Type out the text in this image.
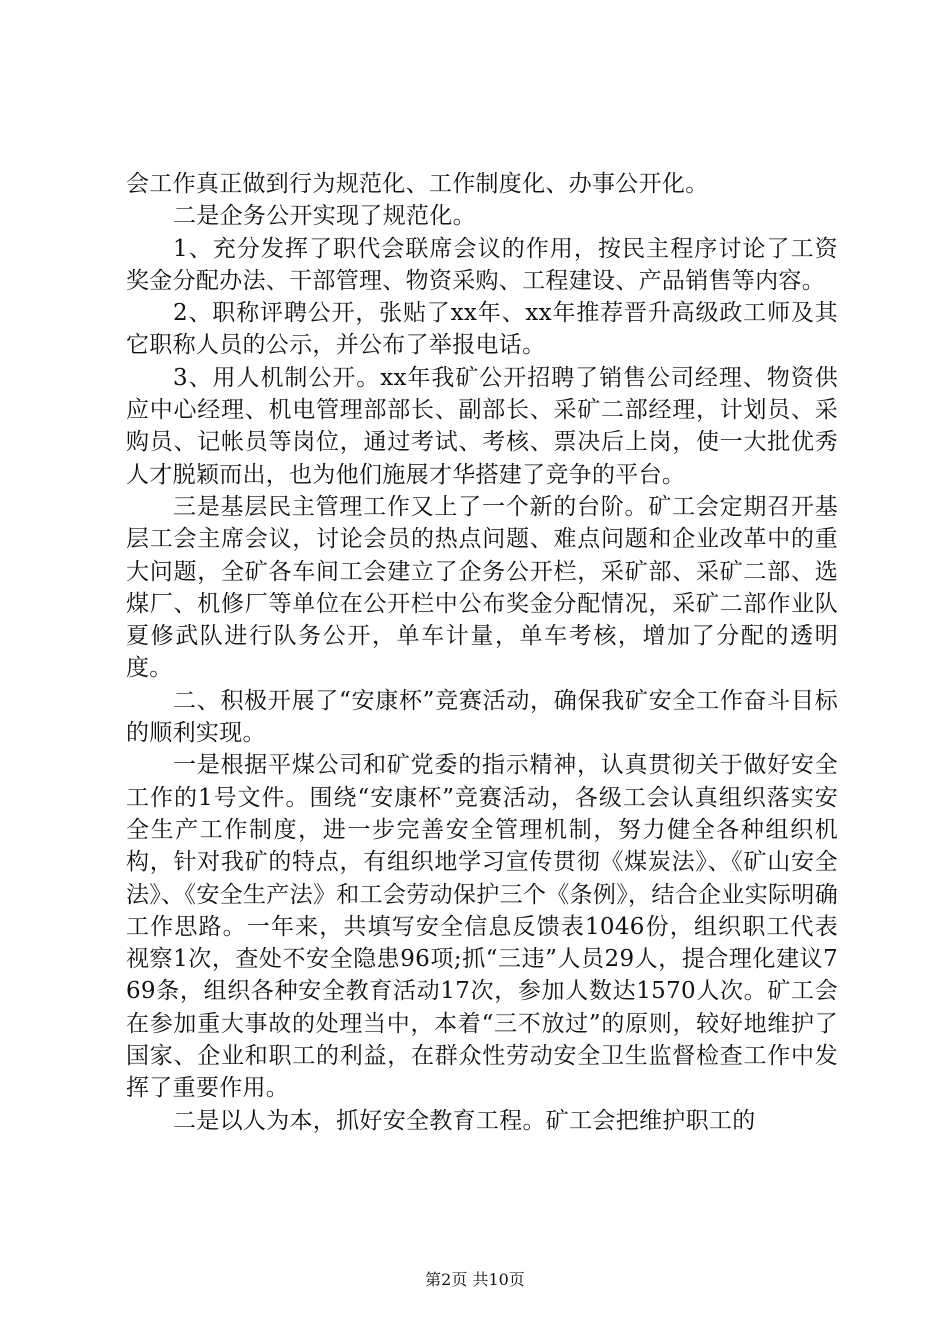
会工作真正做到行为规范化、工作制度化、办事公开化。

二是企务公开实现了规范化。

1、充分发挥了职代会联席会议的作用，按民主程序讨论了工资奖金分配办法、干部管理、物资采购、工程建设、产品销售等内容。

2、职称评聘公开，张贴了xx年、xx年推荐晋升高级政工师及其它职称人员的公示，并公布了举报电话。

3、用人机制公开。xx年我矿公开招聘了销售公司经理、物资供应中心经理、机电管理部部长、副部长、采矿二部经理，计划员、采购员、记帐员等岗位，通过考试、考核、票决后上岗，使一大批优秀人才脱颖而出，也为他们施展才华搭建了竞争的平台。

三是基层民主管理工作又上了一个新的台阶。矿工会定期召开基层工会主席会议，讨论会员的热点问题、难点问题和企业改革中的重大问题，全矿各车间工会建立了企务公开栏，采矿部、采矿二部、选煤厂、机修厂等单位在公开栏中公布奖金分配情况，采矿二部作业队夏修武队进行队务公开，单车计量，单车考核，增加了分配的透明度。

二、积极开展了“安康杯”竞赛活动，确保我矿安全工作奋斗目标的顺利实现。

一是根据平煤公司和矿党委的指示精神，认真贯彻关于做好安全工作的1号文件。围绕“安康杯”竞赛活动，各级工会认真组织落实安全生产工作制度，进一步完善安全管理机制，努力健全各种组织机构，针对我矿的特点，有组织地学习宣传贯彻《煤炭法》、《矿山安全法》、《安全生产法》和工会劳动保护三个《条例》，结合企业实际明确工作思路。一年来，共填写安全信息反馈表1046份，组织职工代表视察1次，查处不安全隐患96项;抓“三违”人员29人，提合理化建议769条，组织各种安全教育活动17次，参加人数达1570人次。矿工会在参加重大事故的处理当中，本着“三不放过”的原则，较好地维护了国家、企业和职工的利益，在群众性劳动安全卫生监督检查工作中发挥了重要作用。

二是以人为本，抓好安全教育工程。矿工会把维护职工的

第2页 共10页
